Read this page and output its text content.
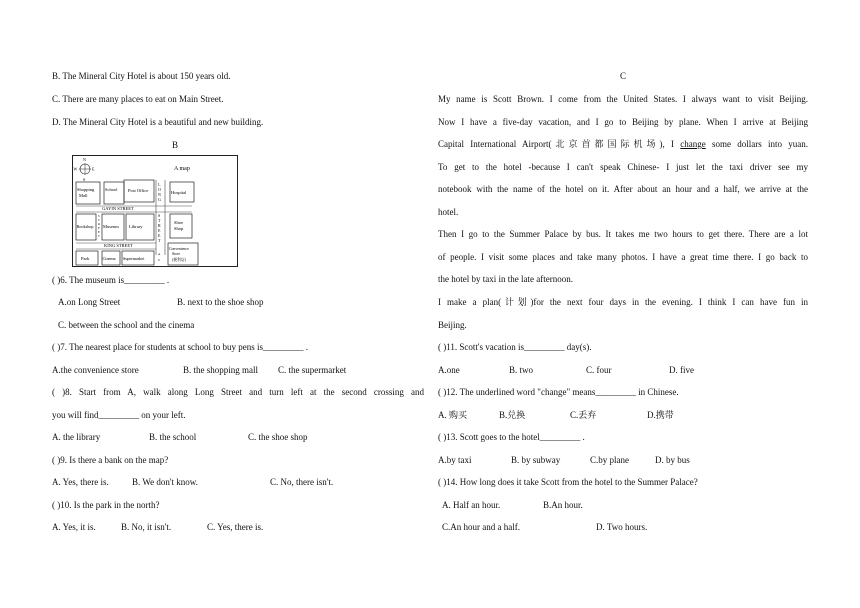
B. The Mineral City Hotel is about 150 years old.
C. There are many places to eat on Main Street.
D. The Mineral City Hotel is a beautiful and new building.
B
N
W	E
S
A map
Shopping
Mall
School Post Office
L
O
N
G
Hospital
GAYIN STREET
Bookshop
S
T
R
E
E
T
Museum Library
S
T
R
E
E
T
Shoe
Shop
KING STREET
Park	Cinema Supermarket
A
S
Convenience
Store
(便利店)
( )6. The museum is_________ .
A.on Long Street	B. next to the shoe shop
C. between the school and the cinema
( )7. The nearest place for students at school to buy pens is_________ .
A.the convenience store	B. the shopping mall C. the supermarket
( )8. Start from A, walk along Long Street and turn left at the second crossing and
you will find_________ on your left.
A. the library	B. the school	C. the shoe shop
( )9. Is there a bank on the map?
A. Yes, there is.	B. We don't know.	C. No, there isn't.
( )10. Is the park in the north?
A. Yes, it is.	B. No, it isn't.	C. Yes, there is.
C
My name is Scott Brown. I come from the United States. I always want to visit Beijing.
Now I have a five-day vacation, and I go to Beijing by plane. When I arrive at Beijing
Capital International Airport(北京首都国际机场), I change some dollars into yuan.
To get to the hotel -because I can't speak Chinese- I just let the taxi driver see my
notebook with the name of the hotel on it. After about an hour and a half, we arrive at the
hotel.
Then I go to the Summer Palace by bus. It takes me two hours to get there. There are a lot
of people. I visit some places and take many photos. I have a great time there. I go back to
the hotel by taxi in the late afternoon.
I make a plan(计划)for the next four days in the evening. I think I can have fun in
Beijing.
( )11. Scott's vacation is_________ day(s).
A.one	B. two	C. four	D. five
( )12. The underlined word "change" means_________ in Chinese.
A. 购买	B.兑换	C.丢弃	D.携带
( )13. Scott goes to the hotel_________ .
A.by taxi	B. by subway	C.by plane	D. by bus
( )14. How long does it take Scott from the hotel to the Summer Palace?
A. Half an hour.	B.An hour.
C.An hour and a half.	D. Two hours.
